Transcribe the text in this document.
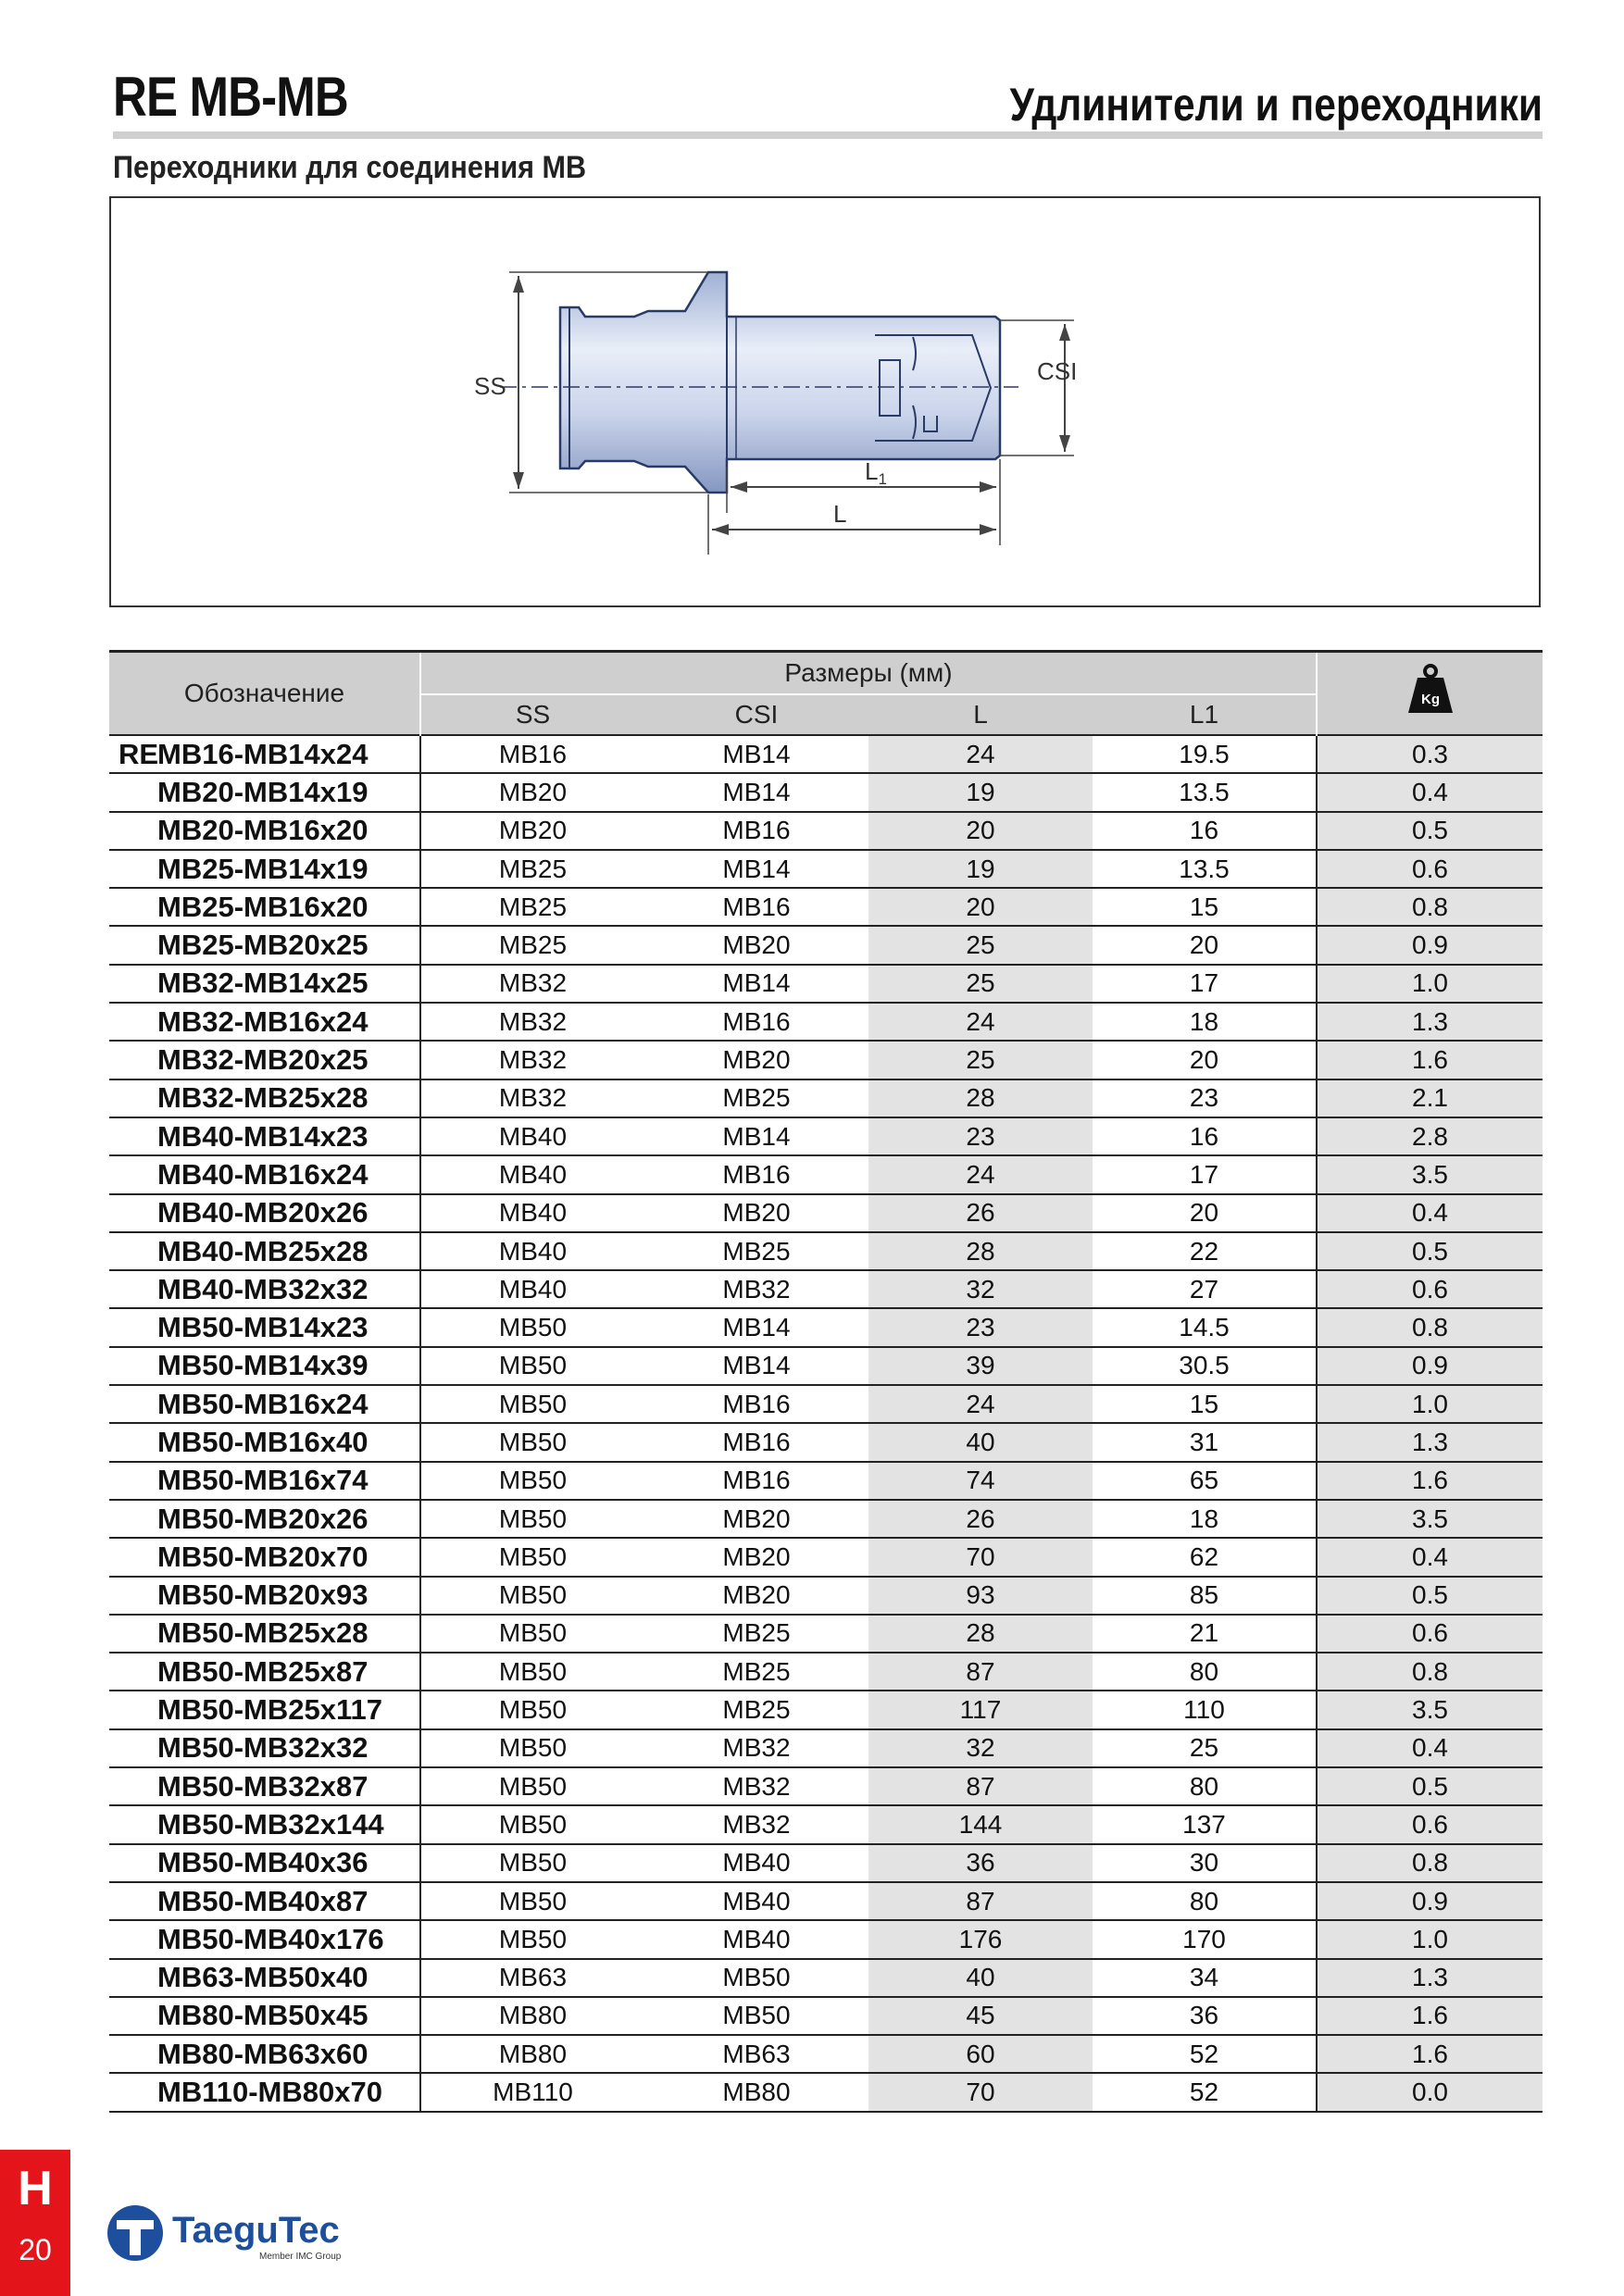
RE MB-MB	Удлинители и переходники
Переходники для соединения MB
SS
CSI
L1
L
Обозначение	Размеры (мм)				Kg

	SS	CSI	L	L1	
REMB16-MB14x24	MB16	MB14	24	19.5	0.3
MB20-MB14x19	MB20	MB14	19	13.5	0.4
MB20-MB16x20	MB20	MB16	20	16	0.5
MB25-MB14x19	MB25	MB14	19	13.5	0.6
MB25-MB16x20	MB25	MB16	20	15	0.8
MB25-MB20x25	MB25	MB20	25	20	0.9
MB32-MB14x25	MB32	MB14	25	17	1.0
MB32-MB16x24	MB32	MB16	24	18	1.3
MB32-MB20x25	MB32	MB20	25	20	1.6
MB32-MB25x28	MB32	MB25	28	23	2.1
MB40-MB14x23	MB40	MB14	23	16	2.8
MB40-MB16x24	MB40	MB16	24	17	3.5
MB40-MB20x26	MB40	MB20	26	20	0.4
MB40-MB25x28	MB40	MB25	28	22	0.5
MB40-MB32x32	MB40	MB32	32	27	0.6
MB50-MB14x23	MB50	MB14	23	14.5	0.8
MB50-MB14x39	MB50	MB14	39	30.5	0.9
MB50-MB16x24	MB50	MB16	24	15	1.0
MB50-MB16x40	MB50	MB16	40	31	1.3
MB50-MB16x74	MB50	MB16	74	65	1.6
MB50-MB20x26	MB50	MB20	26	18	3.5
MB50-MB20x70	MB50	MB20	70	62	0.4
MB50-MB20x93	MB50	MB20	93	85	0.5
MB50-MB25x28	MB50	MB25	28	21	0.6
MB50-MB25x87	MB50	MB25	87	80	0.8
MB50-MB25x117	MB50	MB25	117	110	3.5
MB50-MB32x32	MB50	MB32	32	25	0.4
MB50-MB32x87	MB50	MB32	87	80	0.5
MB50-MB32x144	MB50	MB32	144	137	0.6
MB50-MB40x36	MB50	MB40	36	30	0.8
MB50-MB40x87	MB50	MB40	87	80	0.9
MB50-MB40x176	MB50	MB40	176	170	1.0
MB63-MB50x40	MB63	MB50	40	34	1.3
MB80-MB50x45	MB80	MB50	45	36	1.6
MB80-MB63x60	MB80	MB63	60	52	1.6
MB110-MB80x70	MB110	MB80	70	52	0.0
H
20	TaeguTec
Member IMC Group
